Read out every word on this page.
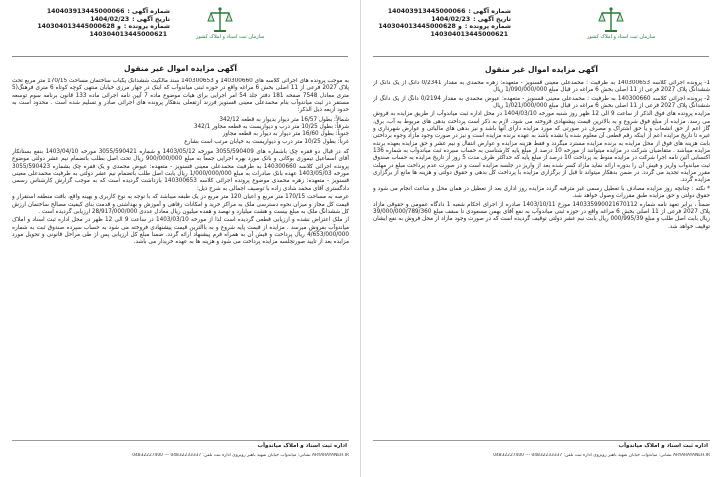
سازمان ثبت اسناد و املاک کشور
شماره آگهی :
140403913445000066
تاریخ آگهی :
1404/02/23
شماره پرونده :
140304013445000628 و
140304013445000621
آگهی مزایده اموال غیر منقول

به موجب پرونده های اجرائی کلاسه های 140300660 و 140300653 سند مالکیت ششدانگ یکباب ساختمان مساحت 170/15 متر مربع تحت پلاک 2027 فرعی از 11 اصلی بخش 6 مراغه واقع در حوزه ثبتی میاندوآب که اینک در جهار مرزی خیابان منتهی کوچه کوتاه 6 متری فرهنگ(5 متری معادل 7548 صفحه 181 دفتر جلد 54 امر اجرایی برای هیات موضوع ماده 7 آیین نامه اجرائی ماده 133 قانون برنامه سوم توسعه مستقر در ثبت میاندوآب بنام محمدعلی معینی قسنویز فرزند ارتقعلی بدهکار پرونده های اجرائی صادر و تسلیم شده است . محدود است به حدود اربعه ذیل الذکر:

شمالاً: بطول 16/57 متر دیوار بدیوار به قطعه 342/12
شرقاً: بطول 10/25 متر درب و دیواریست به قطعه مجاور 342/1
جنوباً: بطول 16/60 متر دیوار به دیوار به قطعه مجاور
غرباً: بطول 10/25 متر درب و دیواریست به خیابان مرتب است بشارع

که در قبال دو فقره چک باشماره های 3055/590409 مورخه 1403/05/12 و شماره 3055/590421 مورخه 1403/04/10 بنفع بستانکار آقای اسماعیل تیموری بوکانی و بانک مورد بهره اجرایی جمعاً به مبلغ 900/000/000 ریال تحت اصل بطلب باتضمام نیم عشر دولتی موضوع پرونده اجرائی کلاسه 140300660 به طرفیت محمدعلی معینی قسنویز - متعهده: عیوض محمدی و یک فقره چک بشماره 3055/590423 مورخه 1403/05/03 عهده بانک صادرات به مبلغ 1/000/000/000 ریال بابت اصل طلب باتضمام نیم عشر دولتی به طرفیت محمدعلی معینی قسنویز - متعهده: زهره محمدی موضوع پرونده اجرائی کلاسه 140300653 بازداشت گردیده است که به موجب گزارش کارشناس رسمی دادگستری آقای محمد شادی زاده با توصیف اجمالی به شرح ذیل:

عرصه به مساحت 170/15 متر مربع و اعیان 120 متر مربع در یک طبقه میباشد که با توجه به نوع کاربری و بهینه واقع، بافت منطقه استقرار و قیمت کل مجاز و میزان نحوه دسترسی ملک به مراکز خرید و امکانات رفاهی و آموزش و بهداشتی و قدمت بنای کیفیت مصالح ساختمان ارزش کل ششدانگ ملک به مبلغ بیست و هشت میلیارد و نهصد و هفده میلیون ریال معادل عددی 28/917/000/000 ارزیابی گردیده است .

از ملک اعتراض نشده و ارزیابی قطعی گردیده است لذا از مورخه 1403/03/10 در ساعت 9 الی 12 ظهر در محل اداره ثبت اسناد و املاک میاندوآب بفروش میرسد . مزایده از قیمت پایه شروع و به باالترین قیمت پیشنهادی فروخته می شود به حساب سپرده صندوق ثبت به شماره 4/653/000/000 ریال پرداخت و فیش آن به همراه فرم پیشنهاد ارائه گردد. ضمنا مبلغ کل ارزیابی پس از طی مراحل قانونی و تحویل مورد مزایده بعد از تایید صورتجلسه مزایده پرداخت می شود و هزینه ها به عهده خریدار می باشد.

اداره ثبت اسناد و املاک میاندوآب
ARYARAYANEH.IR نشانی: میاندوآب خیابان شهید باهنر روبروی اداره ثبت تلفن: 04832233337 --- 04832227400
سازمان ثبت اسناد و املاک کشور
شماره آگهی :
140403913445000066
تاریخ آگهی :
1404/02/23
شماره پرونده :
140304013445000628 و
140304013445000621
آگهی مزایده اموال غیر منقول

1- پرونده اجرائی کلاسه 140300653 به طرفیت : محمدعلی معینی قسنویز - متعهده: زهره محمدی به مقدار 0/2341 دانگ از یک دانگ از ششدانگ پلاک 2027 فرعی از 11 اصلی بخش 6 مراغه در قبال مبلغ 1/090/000/000 ریال

2- پرونده اجرائی کلاسه 140300660 به طرفیت : محمدعلی معینی قسنویز - متعهده: عیوض محمدی به مقدار 0/2194 دانگ از یک دانگ از ششدانگ پلاک 2027 فرعی از 11 اصلی بخش 6 مراغه در قبال مبلغ 1/021/000/000 ریال

مزایده پرونده های فوق الذکر از ساعت 9 الی 12 ظهر روز شنبه مورخه 1404/03/10 در محل اداره ثبت میاندوآب از طریق مزایده به فروش می رسد. مزایده از مبلغ فوق شروع و به بالاترین قیمت پیشنهادی فروخته می شود. لازم به ذکر است پرداخت بدهی های مربوط به آب، برق، گاز اعم از حق انشعاب و یا حق اشتراک و مصرف در صورتی که مورد مزایده دارای آنها باشد و نیز بدهی های مالیاتی و عوارض شهرداری و غیره تا تاریخ مزایده اعم از اینکه رقم قطعی آن معلوم شده یا نشده باشد به عهده برنده مزایده است و نیز در صورت وجود مازاد وجوه برداختی بابت هزینه های فوق از محل مزایده به برنده مزایده مسترد میگردد و فقط هزینه مزایده و عوارض انتقال و نیم عشر و حق مزایده بعهده برنده مزایده میباشد . متقاضیان شرکت در مزایده میتوانند از مورخه 10 درصد از مبلغ پایه کارشناسی به حساب سپرده ثبت میاندوآب به شماره 136 اکتسابی آئین نامه اجرا شرکت در مزایده منوط به پرداخت 10 درصد از مبلغ پایه که حداکثر ظرف مدت 5 روز از تاریخ مزایده به حساب صندوق ثبت میاندوآب واریز و فیش آن را بدوره ارائه نماید مازاد کسر شده بعد از واریز در جلسه مزایده است و در صورت عدم پرداخت مبلغ در مهلت مقرر مزایده تجدید می گردد. در ضمن بدهکار میتواند تا قبل از برگزاری مزایده با پرداخت کل بدهی و حقوق دولتی و هزینه ها مانع از برگزاری مزایده گردد.

* نکته : چنانچه روز مزایده مصادف با تعطیل رسمی غیر مترقبه گردد مزایده روز اداری بعد از تعطیل در همان محل و ساعت انجام می شود و حقوق دولتی و حق مزایده طبق مقررات وصول خواهد شد.

ضمناً ، برابر تعهد نامه شماره 140335990021670112 مورخ 1403/10/11 صادره از اجرای احکام شعبه 1 دادگاه عمومی و حقوقی مازاد پلاک 2027 فرعی از 11 اصلی بخش 6 مراغه واقع در حوزه ثبتی میاندوآب به نفع آقای بهمن مسعودی تا سقف مبلغ 39/000/000/789/360 ریال بابت اصل طلب و مبلغ 000/995/39 ریال بابت نیم عشر دولتی توقیف گردیده است که در صورت وجود مازاد از محل فروش به نفع ایشان توقیف خواهد شد.

اداره ثبت اسناد و املاک میاندوآب
ARYARAYANEH.IR نشانی: میاندوآب خیابان شهید باهنر روبروی اداره ثبت تلفن: 04832233337 --- 04832227400
